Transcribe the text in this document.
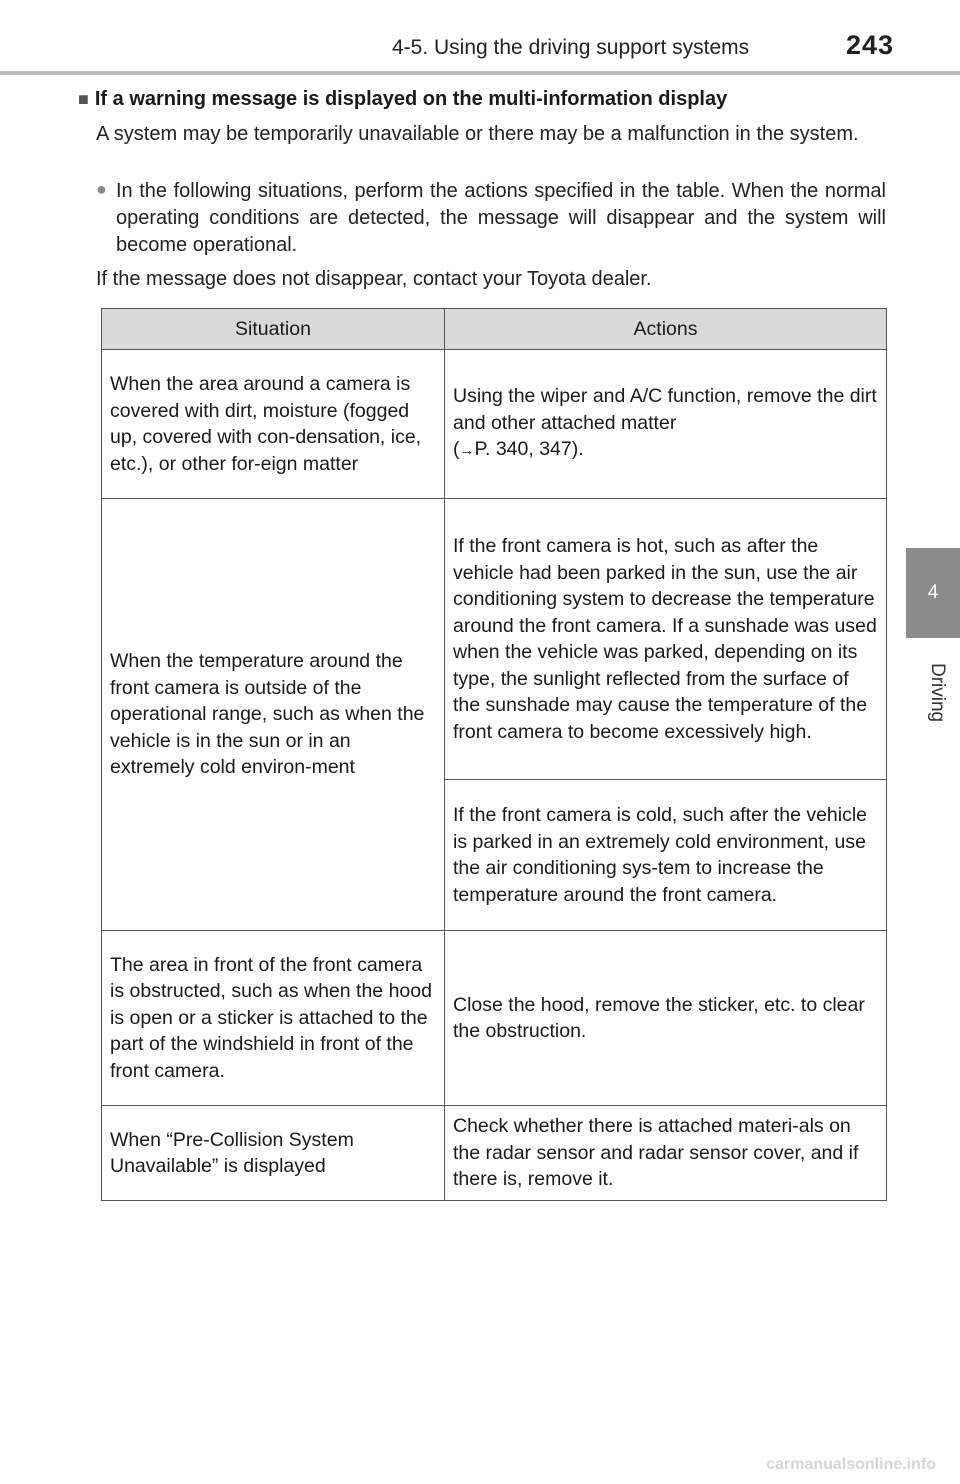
4-5. Using the driving support systems	243
4
Driving
■ If a warning message is displayed on the multi-information display
A system may be temporarily unavailable or there may be a malfunction in the system.
● In the following situations, perform the actions specified in the table. When the normal operating conditions are detected, the message will disappear and the system will become operational.
If the message does not disappear, contact your Toyota dealer.
Situation	Actions
When the area around a camera is covered with dirt, moisture (fogged up, covered with con-densation, ice, etc.), or other for-eign matter	Using the wiper and A/C function, remove the dirt and other attached matter
(→P. 340, 347).
When the temperature around the front camera is outside of the operational range, such as when the vehicle is in the sun or in an extremely cold environ-ment	If the front camera is hot, such as after the vehicle had been parked in the sun, use the air conditioning system to decrease the temperature around the front camera. If a sunshade was used when the vehicle was parked, depending on its type, the sunlight reflected from the surface of the sunshade may cause the temperature of the front camera to become excessively high.
	If the front camera is cold, such after the vehicle is parked in an extremely cold environment, use the air conditioning sys-tem to increase the temperature around the front camera.
The area in front of the front camera is obstructed, such as when the hood is open or a sticker is attached to the part of the windshield in front of the front camera.	Close the hood, remove the sticker, etc. to clear the obstruction.
When “Pre-Collision System Unavailable” is displayed	Check whether there is attached materi-als on the radar sensor and radar sensor cover, and if there is, remove it.
carmanualsonline.info
